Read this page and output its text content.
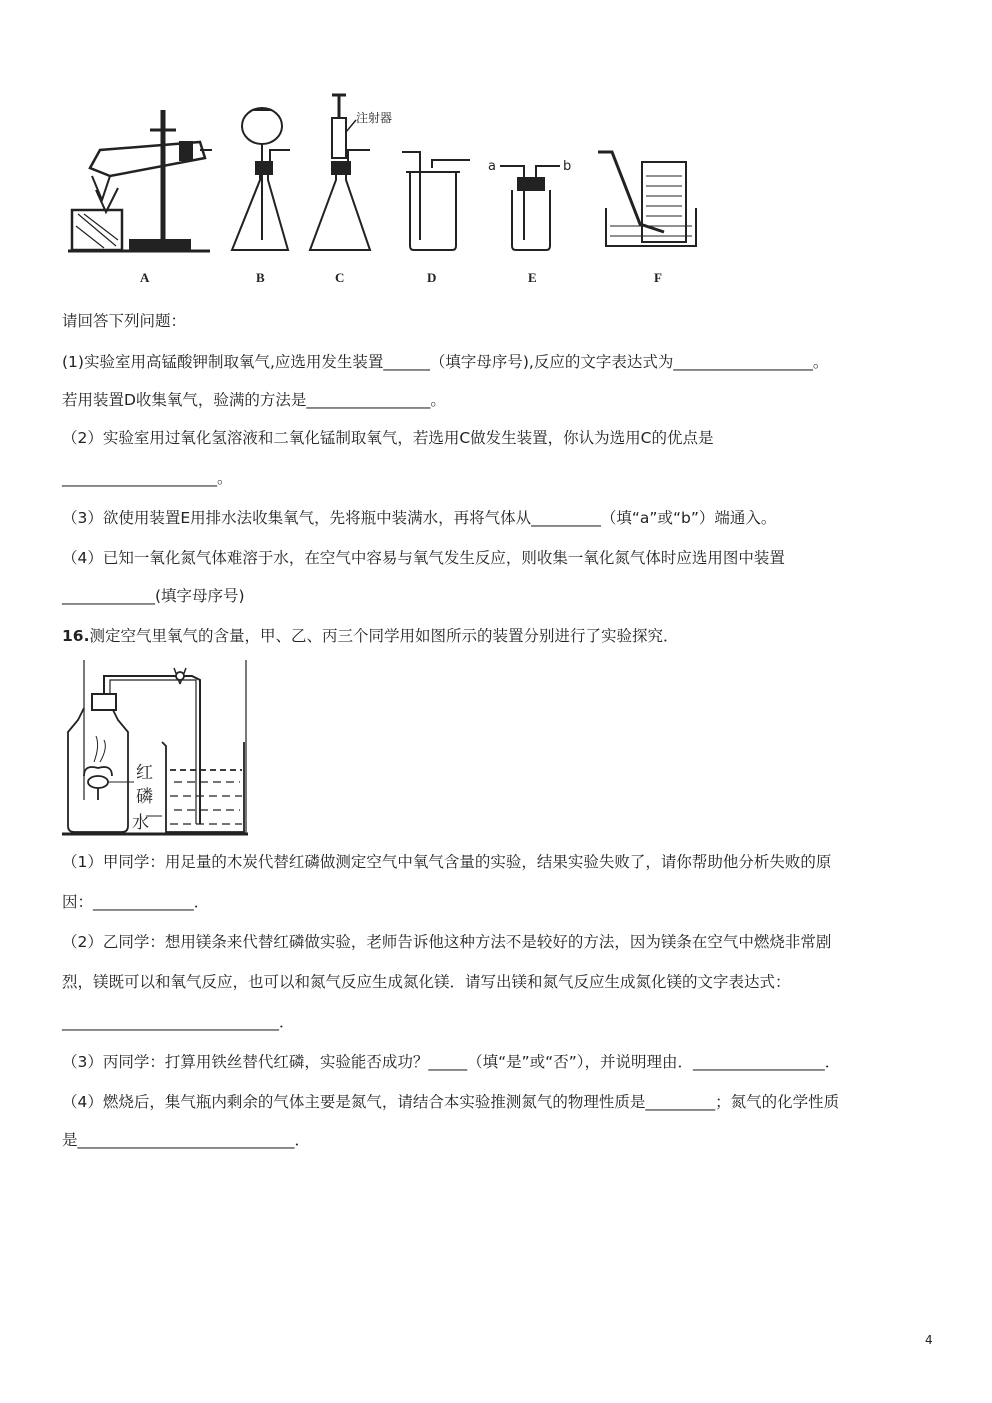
A	B	C	D	E	F
注射器
a	b
请回答下列问题：
(1)实验室用高锰酸钾制取氧气,应选用发生装置______（填字母序号),反应的文字表达式为__________________。
若用装置D收集氧气，验满的方法是________________。
（2）实验室用过氧化氢溶液和二氧化锰制取氧气，若选用C做发生装置，你认为选用C的优点是
____________________。
（3）欲使用装置E用排水法收集氧气，先将瓶中装满水，再将气体从_________（填“a”或“b”）端通入。
（4）已知一氧化氮气体难溶于水，在空气中容易与氧气发生反应，则收集一氧化氮气体时应选用图中装置
____________(填字母序号)
16.测定空气里氧气的含量，甲、乙、丙三个同学用如图所示的装置分别进行了实验探究．
红
磷
水
（1）甲同学：用足量的木炭代替红磷做测定空气中氧气含量的实验，结果实验失败了，请你帮助他分析失败的原
因：_____________．
（2）乙同学：想用镁条来代替红磷做实验，老师告诉他这种方法不是较好的方法，因为镁条在空气中燃烧非常剧
烈，镁既可以和氧气反应，也可以和氮气反应生成氮化镁．请写出镁和氮气反应生成氮化镁的文字表达式：
____________________________．
（3）丙同学：打算用铁丝替代红磷，实验能否成功？_____（填“是”或“否”），并说明理由．_________________．
（4）燃烧后，集气瓶内剩余的气体主要是氮气，请结合本实验推测氮气的物理性质是_________；氮气的化学性质
是____________________________．
4
